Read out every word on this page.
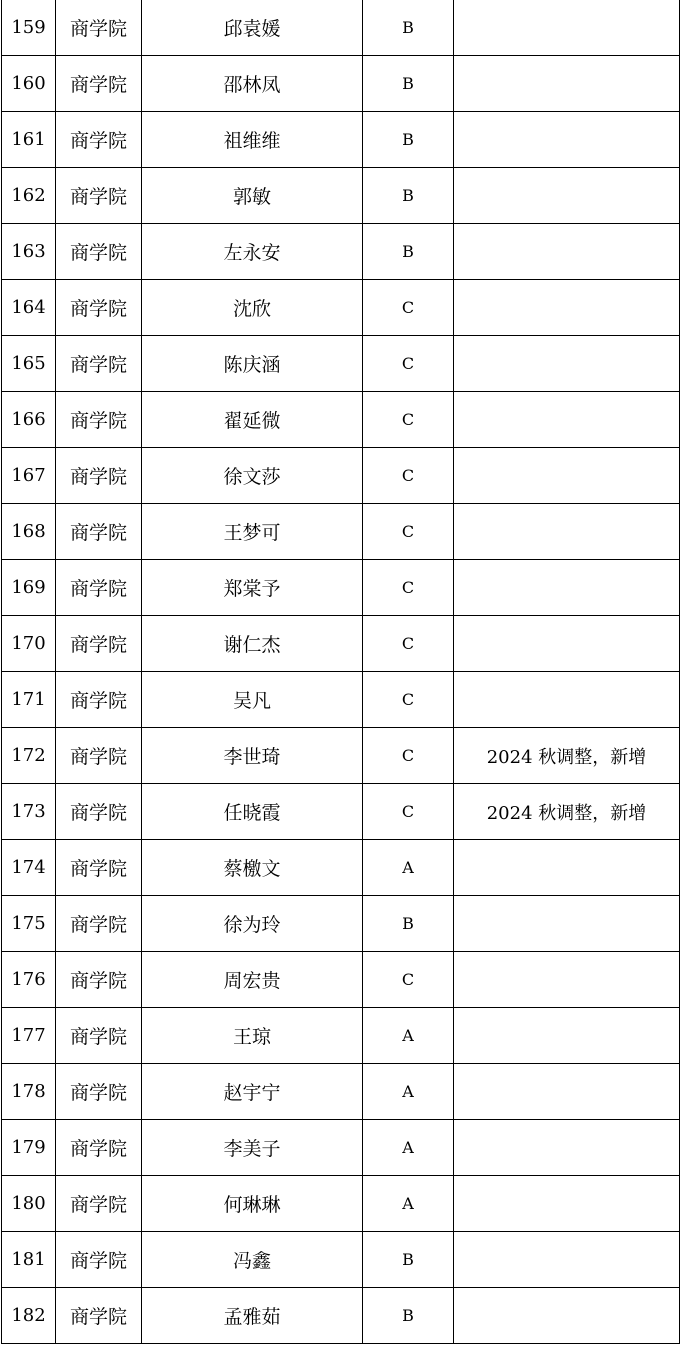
159	商学院	邱袁媛	B	
160	商学院	邵林凤	B	
161	商学院	祖维维	B	
162	商学院	郭敏	B	
163	商学院	左永安	B	
164	商学院	沈欣	C	
165	商学院	陈庆涵	C	
166	商学院	翟延微	C	
167	商学院	徐文莎	C	
168	商学院	王梦可	C	
169	商学院	郑棠予	C	
170	商学院	谢仁杰	C	
171	商学院	吴凡	C	
172	商学院	李世琦	C	2024 秋调整，新增
173	商学院	任晓霞	C	2024 秋调整，新增
174	商学院	蔡檄文	A	
175	商学院	徐为玲	B	
176	商学院	周宏贵	C	
177	商学院	王琼	A	
178	商学院	赵宇宁	A	
179	商学院	李美子	A	
180	商学院	何琳琳	A	
181	商学院	冯鑫	B	
182	商学院	孟雅茹	B	
